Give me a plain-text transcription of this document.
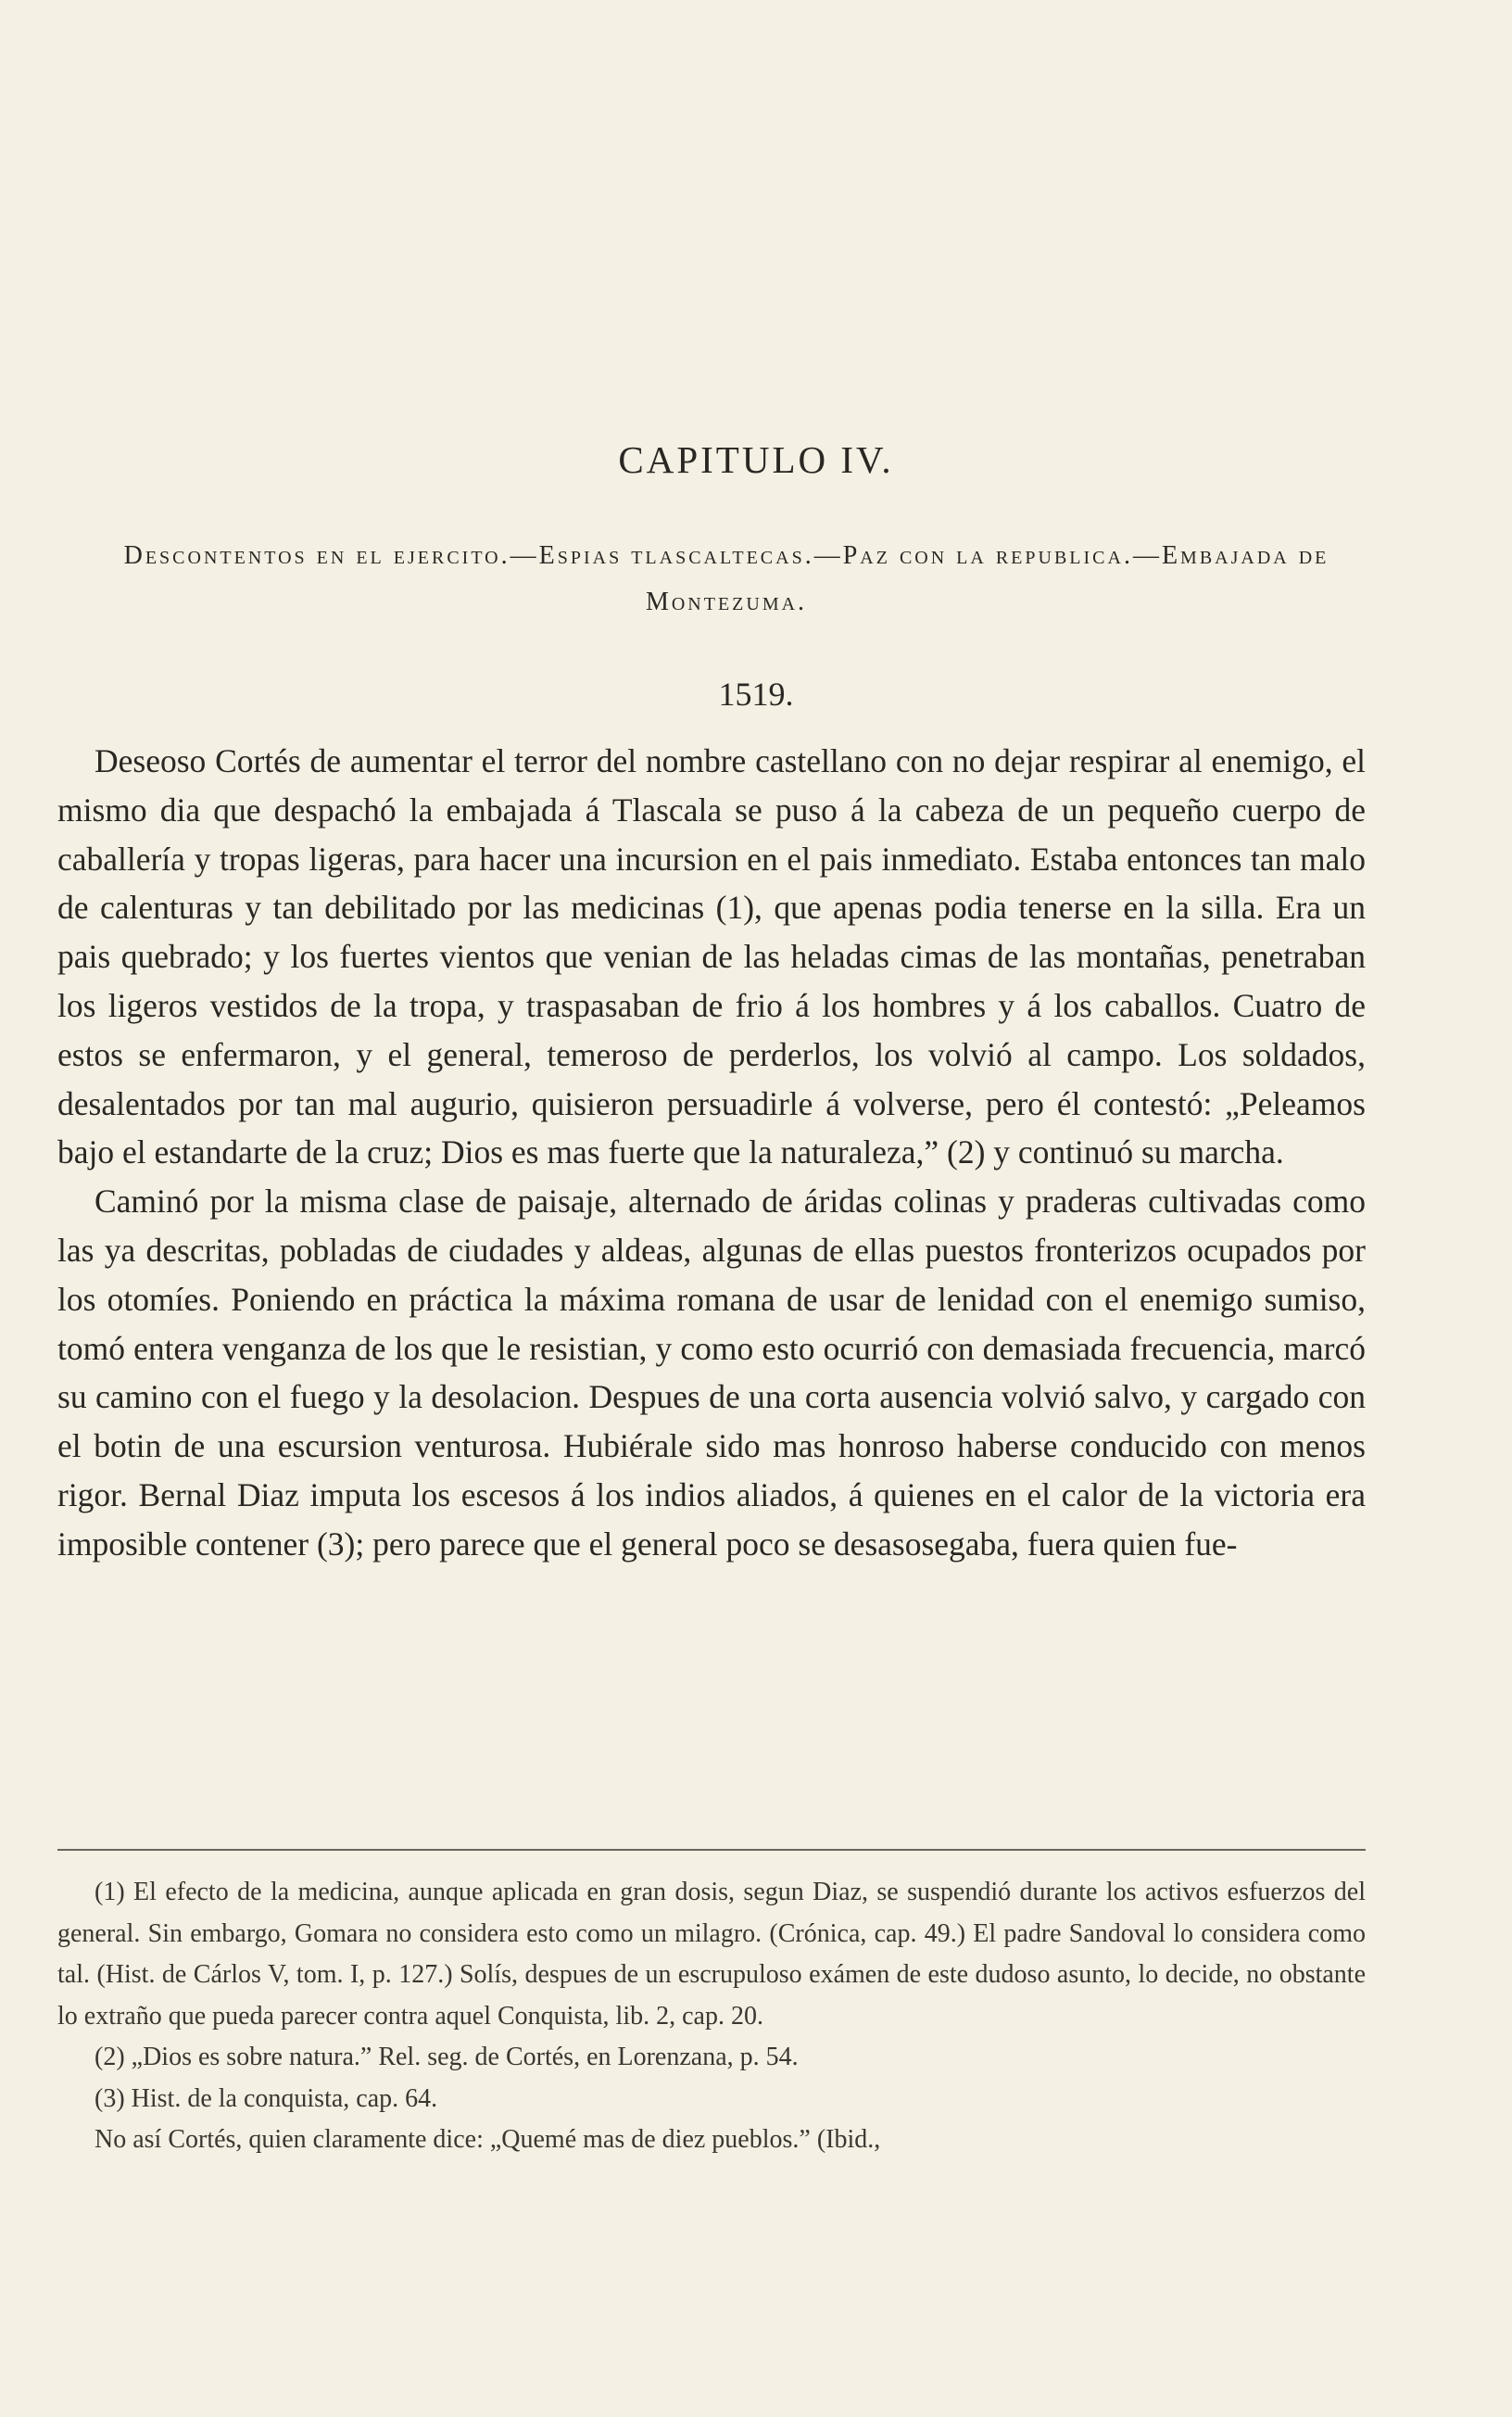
CAPITULO IV.

Descontentos en el ejercito.—Espias tlascaltecas.—Paz con la republica.—Embajada de Montezuma.

1519.

Deseoso Cortés de aumentar el terror del nombre castellano con no dejar respirar al enemigo, el mismo dia que despachó la embajada á Tlascala se puso á la cabeza de un pequeño cuerpo de caballería y tropas ligeras, para hacer una incursion en el pais inmediato. Estaba entonces tan malo de calenturas y tan debilitado por las medicinas (1), que apenas podia tenerse en la silla. Era un pais quebrado; y los fuertes vientos que venian de las heladas cimas de las montañas, penetraban los ligeros vestidos de la tropa, y traspasaban de frio á los hombres y á los caballos. Cuatro de estos se enfermaron, y el general, temeroso de perderlos, los volvió al campo. Los soldados, desalentados por tan mal augurio, quisieron persuadirle á volverse, pero él contestó: „Peleamos bajo el estandarte de la cruz; Dios es mas fuerte que la naturaleza,” (2) y continuó su marcha.

Caminó por la misma clase de paisaje, alternado de áridas colinas y praderas cultivadas como las ya descritas, pobladas de ciudades y aldeas, algunas de ellas puestos fronterizos ocupados por los otomíes. Poniendo en práctica la máxima romana de usar de lenidad con el enemigo sumiso, tomó entera venganza de los que le resistian, y como esto ocurrió con demasiada frecuencia, marcó su camino con el fuego y la desolacion. Despues de una corta ausencia volvió salvo, y cargado con el botin de una escursion venturosa. Hubiérale sido mas honroso haberse conducido con menos rigor. Bernal Diaz imputa los escesos á los indios aliados, á quienes en el calor de la victoria era imposible contener (3); pero parece que el general poco se desasosegaba, fuera quien fue-

(1) El efecto de la medicina, aunque aplicada en gran dosis, segun Diaz, se suspendió durante los activos esfuerzos del general. Sin embargo, Gomara no considera esto como un milagro. (Crónica, cap. 49.) El padre Sandoval lo considera como tal. (Hist. de Cárlos V, tom. I, p. 127.) Solís, despues de un escrupuloso exámen de este dudoso asunto, lo decide, no obstante lo extraño que pueda parecer contra aquel Conquista, lib. 2, cap. 20.

(2) „Dios es sobre natura.” Rel. seg. de Cortés, en Lorenzana, p. 54.

(3) Hist. de la conquista, cap. 64.

No así Cortés, quien claramente dice: „Quemé mas de diez pueblos.” (Ibid.,
